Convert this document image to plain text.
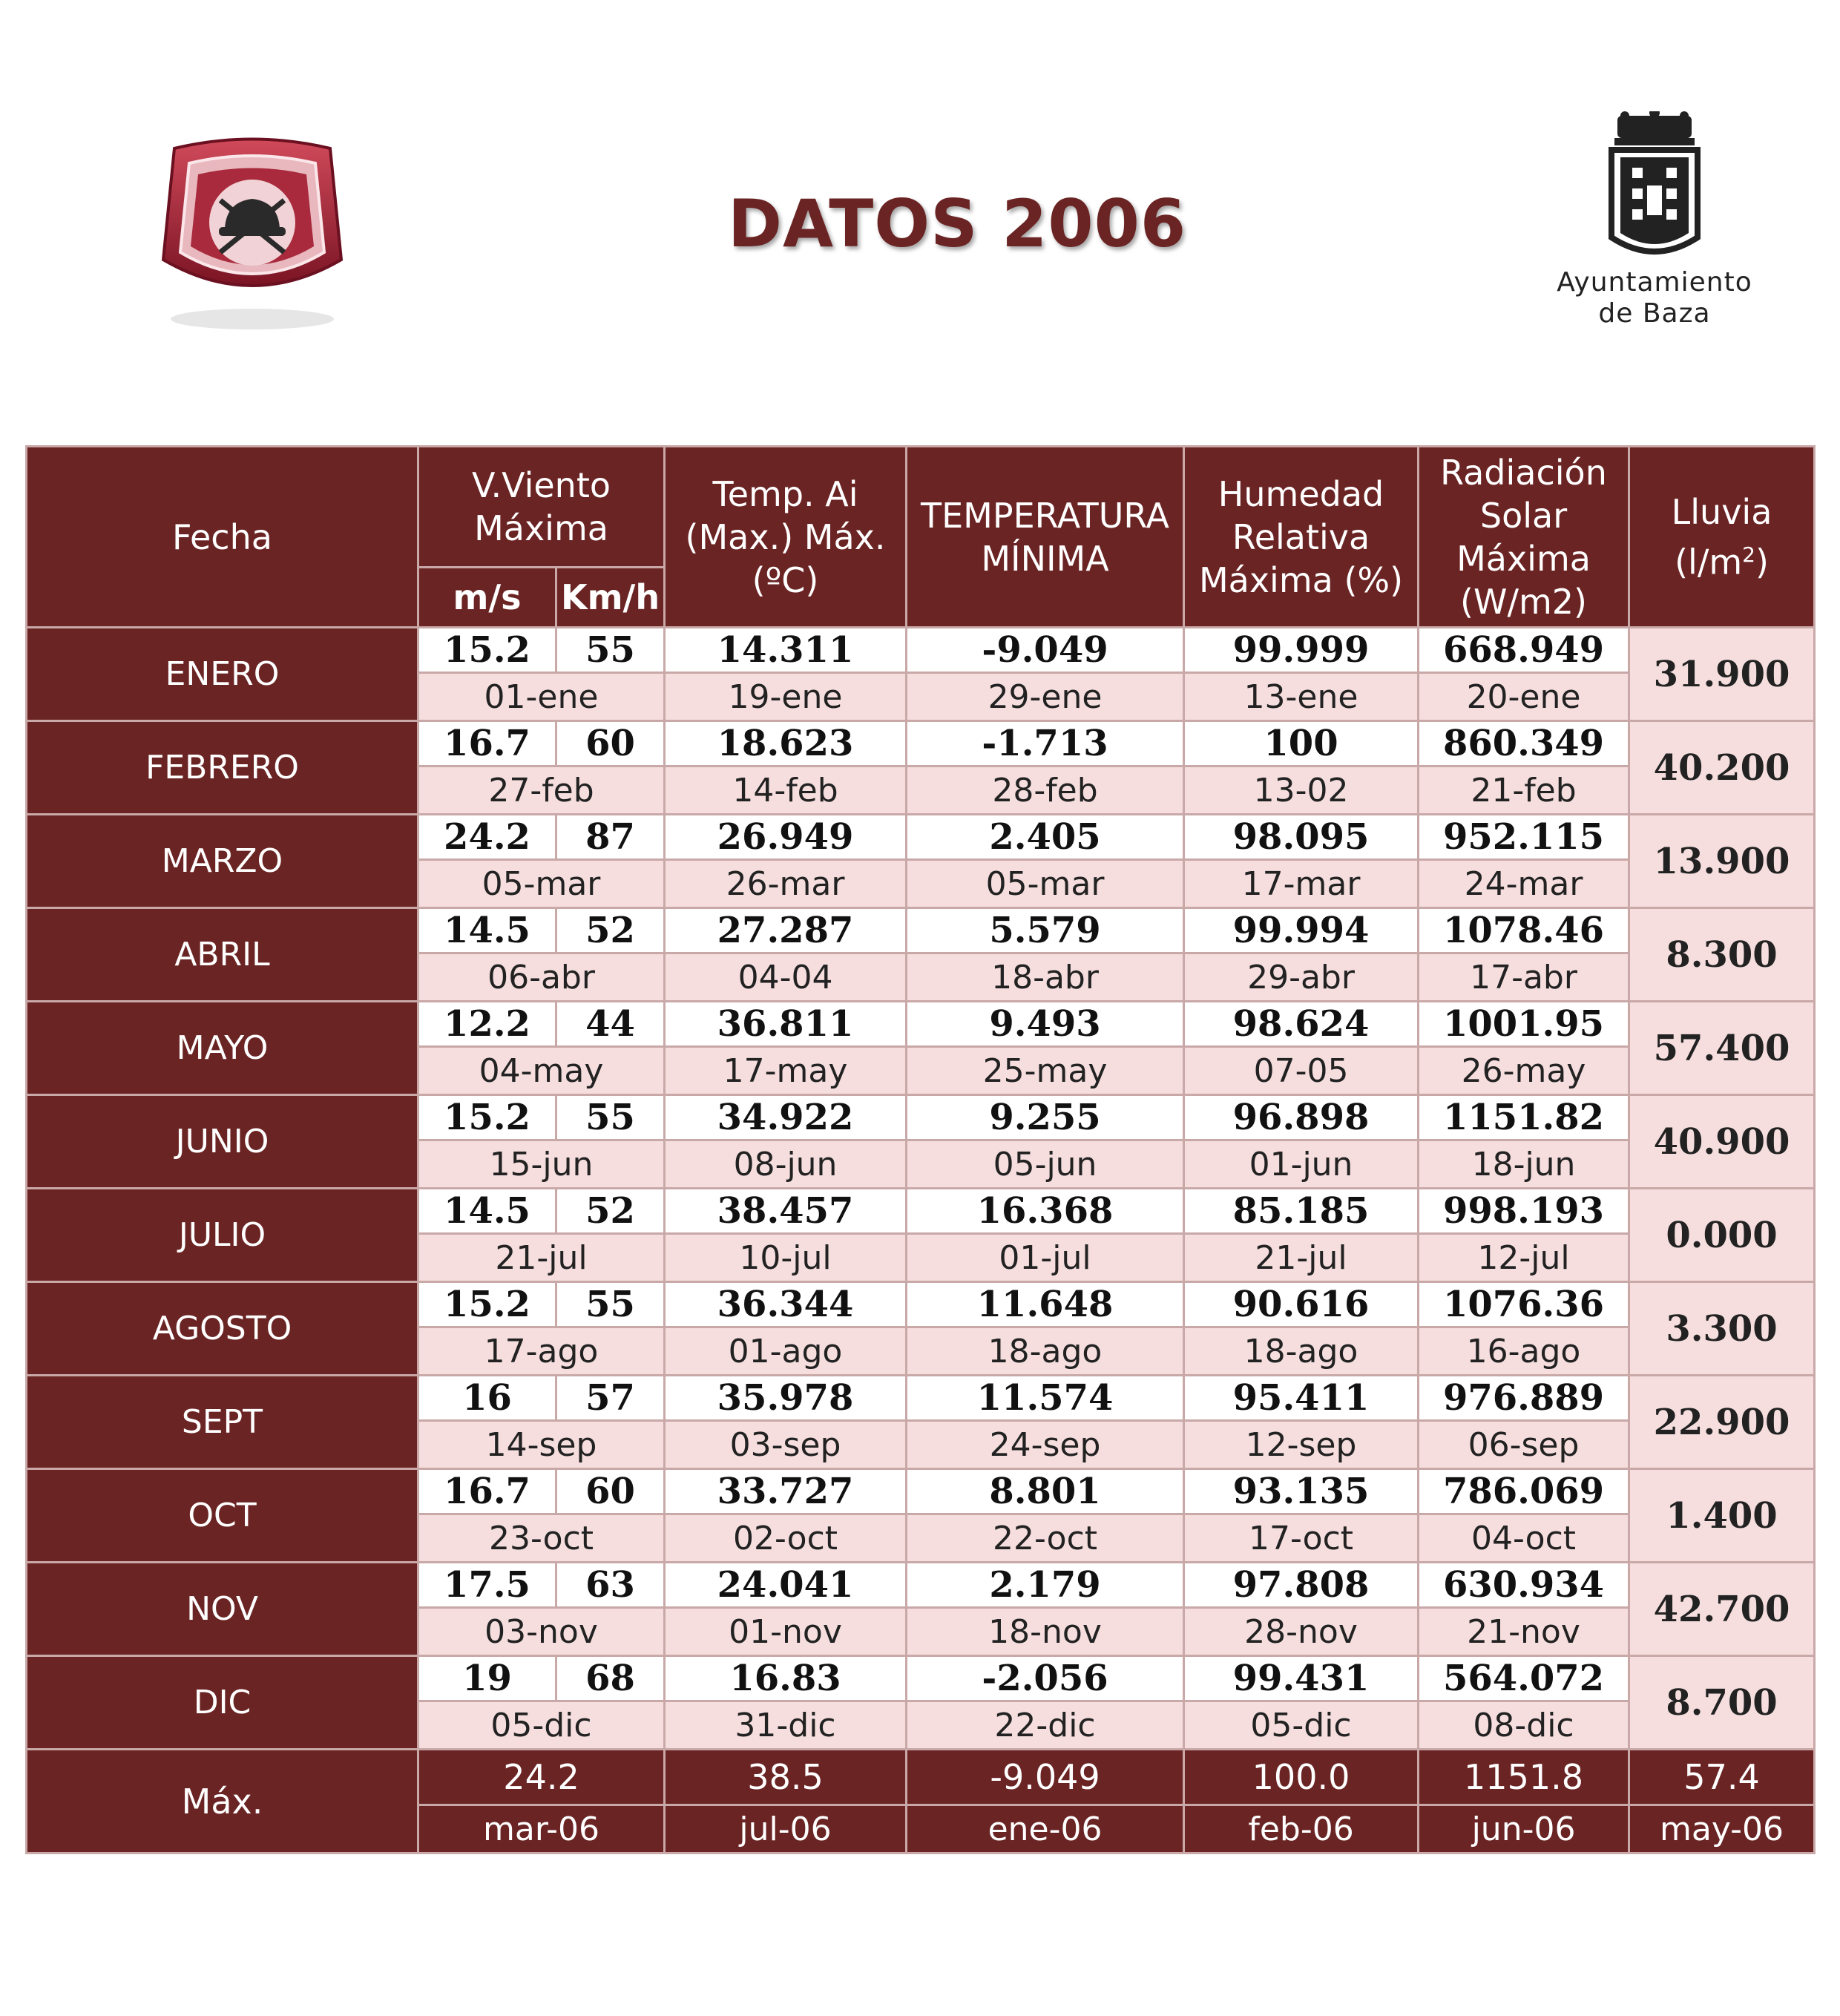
DATOS 2006
Ayuntamiento
de Baza
Fecha	V.Viento Máxima		Temp. Ai (Max.) Máx. (ºC)	TEMPERATURA MÍNIMA	Humedad Relativa Máxima (%)	Radiación Solar Máxima (W/m2)	Lluvia
$(l/m^2)$

	m/s	Km/h					
ENERO	15.2	55	14.311	-9.049	99.999	668.949	31.900
	01-ene		19-ene	29-ene	13-ene	20-ene	
FEBRERO	16.7	60	18.623	-1.713	100	860.349	40.200
	27-feb		14-feb	28-feb	13-02	21-feb	
MARZO	24.2	87	26.949	2.405	98.095	952.115	13.900
	05-mar		26-mar	05-mar	17-mar	24-mar	
ABRIL	14.5	52	27.287	5.579	99.994	1078.46	8.300
	06-abr		04-04	18-abr	29-abr	17-abr	
MAYO	12.2	44	36.811	9.493	98.624	1001.95	57.400
	04-may		17-may	25-may	07-05	26-may	
JUNIO	15.2	55	34.922	9.255	96.898	1151.82	40.900
	15-jun		08-jun	05-jun	01-jun	18-jun	
JULIO	14.5	52	38.457	16.368	85.185	998.193	0.000
	21-jul		10-jul	01-jul	21-jul	12-jul	
AGOSTO	15.2	55	36.344	11.648	90.616	1076.36	3.300
	17-ago		01-ago	18-ago	18-ago	16-ago	
SEPT	16	57	35.978	11.574	95.411	976.889	22.900
	14-sep		03-sep	24-sep	12-sep	06-sep	
OCT	16.7	60	33.727	8.801	93.135	786.069	1.400
	23-oct		02-oct	22-oct	17-oct	04-oct	
NOV	17.5	63	24.041	2.179	97.808	630.934	42.700
	03-nov		01-nov	18-nov	28-nov	21-nov	
DIC	19	68	16.83	-2.056	99.431	564.072	8.700
	05-dic		31-dic	22-dic	05-dic	08-dic	
Máx.	24.2		38.5	-9.049	100.0	1151.8	57.4
	mar-06		jul-06	ene-06	feb-06	jun-06	may-06
